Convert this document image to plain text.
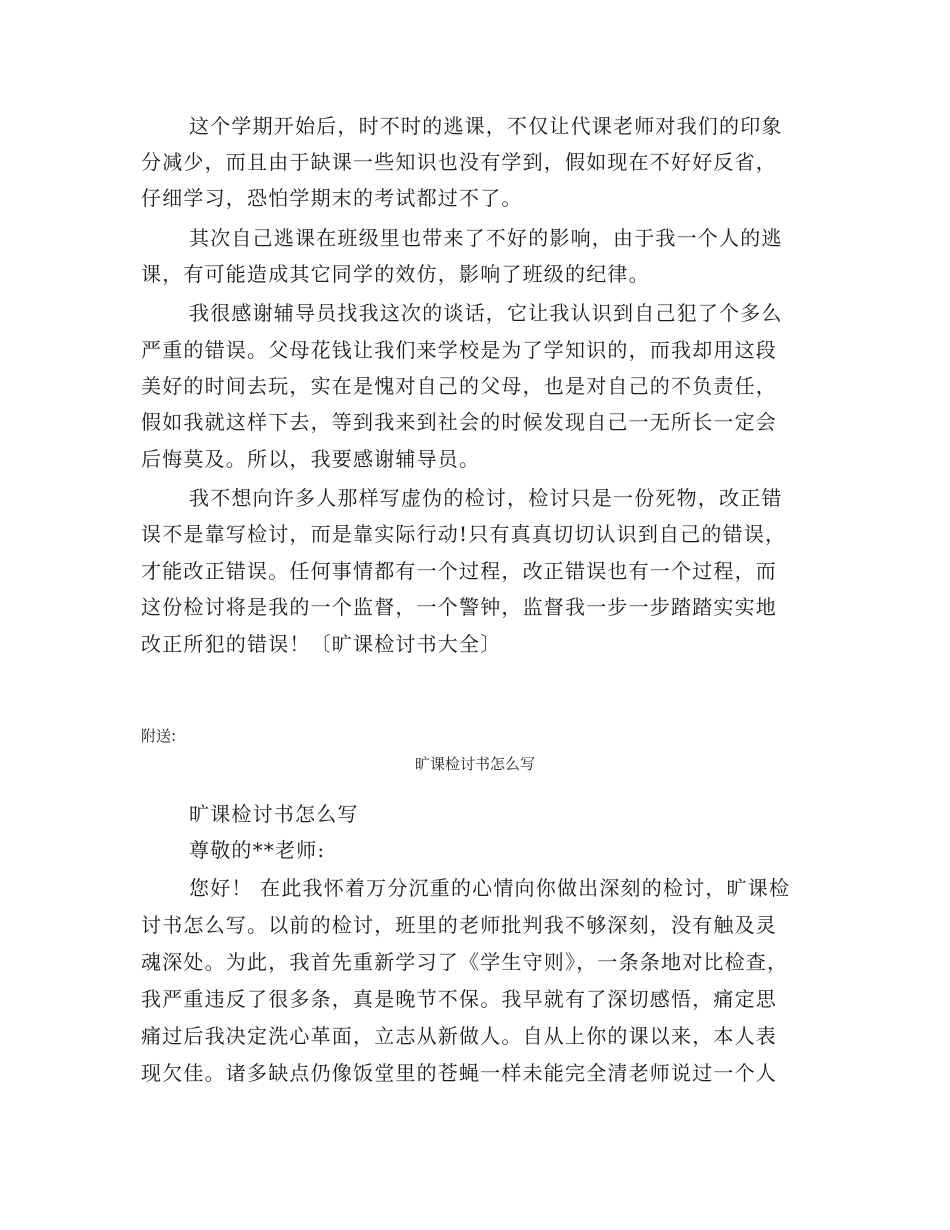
这个学期开始后，时不时的逃课，不仅让代课老师对我们的印象
分减少，而且由于缺课一些知识也没有学到，假如现在不好好反省，
仔细学习，恐怕学期末的考试都过不了。
其次自己逃课在班级里也带来了不好的影响，由于我一个人的逃
课，有可能造成其它同学的效仿，影响了班级的纪律。
我很感谢辅导员找我这次的谈话，它让我认识到自己犯了个多么
严重的错误。父母花钱让我们来学校是为了学知识的，而我却用这段
美好的时间去玩，实在是愧对自己的父母，也是对自己的不负责任，
假如我就这样下去，等到我来到社会的时候发现自己一无所长一定会
后悔莫及。所以，我要感谢辅导员。
我不想向许多人那样写虚伪的检讨，检讨只是一份死物，改正错
误不是靠写检讨，而是靠实际行动!只有真真切切认识到自己的错误，
才能改正错误。任何事情都有一个过程，改正错误也有一个过程，而
这份检讨将是我的一个监督，一个警钟，监督我一步一步踏踏实实地
改正所犯的错误！〔旷课检讨书大全〕
附送:
旷课检讨书怎么写
旷课检讨书怎么写
尊敬的**老师:
您好！ 在此我怀着万分沉重的心情向你做出深刻的检讨，旷课检
讨书怎么写。以前的检讨，班里的老师批判我不够深刻，没有触及灵
魂深处。为此，我首先重新学习了《学生守则》，一条条地对比检查，
我严重违反了很多条，真是晚节不保。我早就有了深切感悟，痛定思
痛过后我决定洗心革面，立志从新做人。自从上你的课以来，本人表
现欠佳。诸多缺点仍像饭堂里的苍蝇一样未能完全清老师说过一个人
